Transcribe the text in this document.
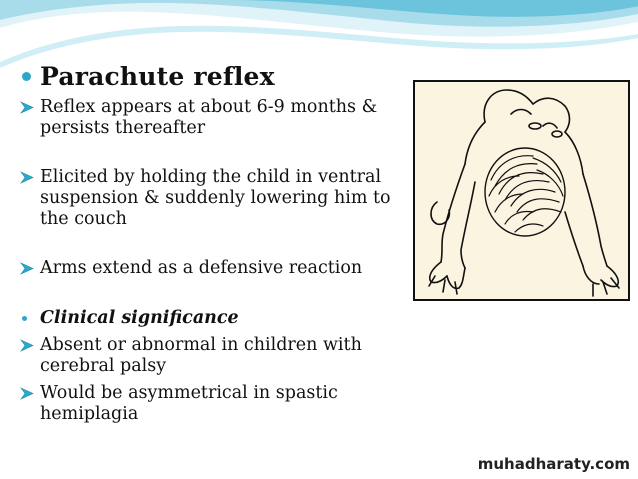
Parachute reflex
Reflex appears at about 6-9 months & persists thereafter
Elicited by holding the child in ventral suspension & suddenly lowering him to the couch
Arms extend as a defensive reaction
Clinical significance
Absent or abnormal in children with cerebral palsy
Would be asymmetrical in spastic hemiplagia
muhadharaty.com
